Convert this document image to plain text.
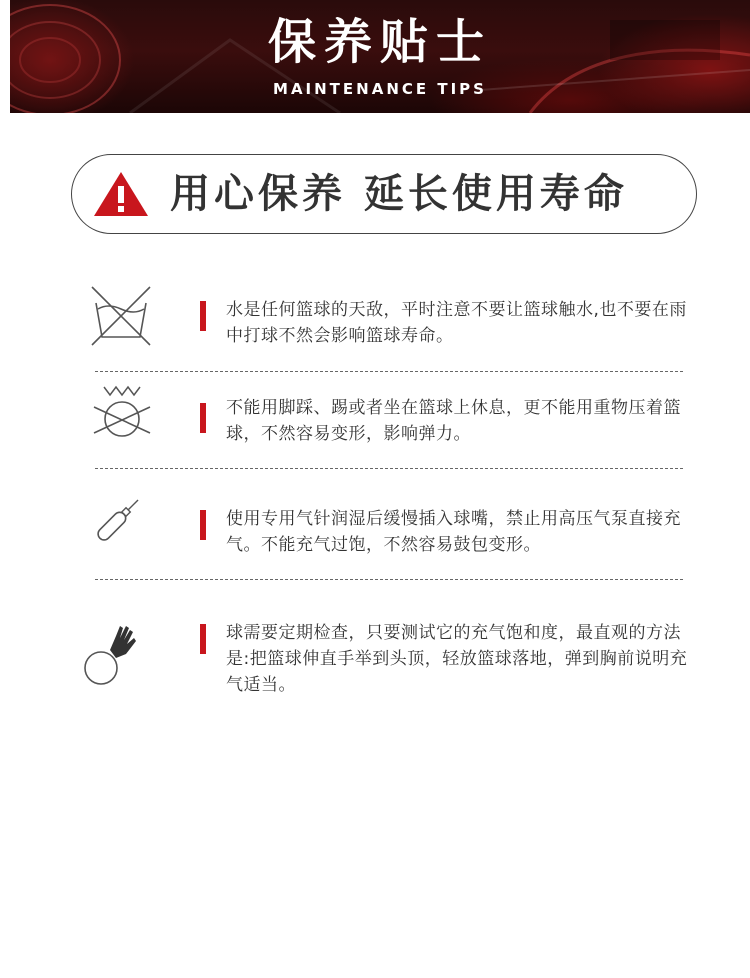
保养贴士
MAINTENANCE TIPS
用心保养 延长使用寿命
水是任何篮球的天敌，平时注意不要让篮球触水,也不要在雨中打球不然会影响篮球寿命。
不能用脚踩、踢或者坐在篮球上休息，更不能用重物压着篮球，不然容易变形，影响弹力。
使用专用气针润湿后缓慢插入球嘴，禁止用高压气泵直接充气。不能充气过饱，不然容易鼓包变形。
球需要定期检查，只要测试它的充气饱和度，最直观的方法是:把篮球伸直手举到头顶，轻放篮球落地，弹到胸前说明充气适当。
